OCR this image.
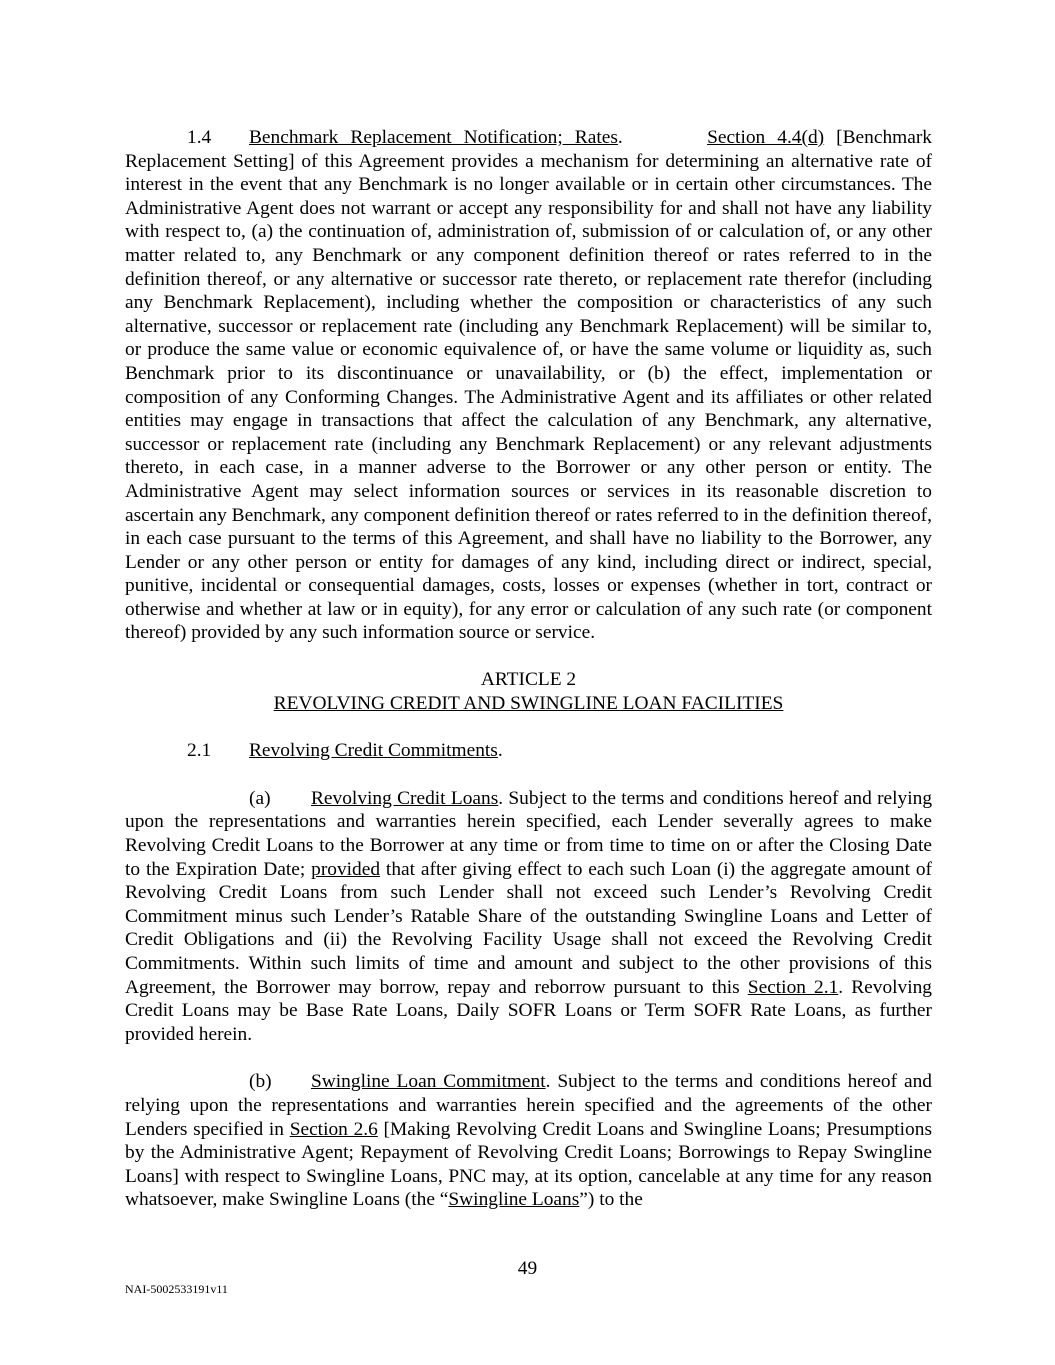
1.4 Benchmark Replacement Notification; Rates.	Section 4.4(d) [Benchmark Replacement Setting] of this Agreement provides a mechanism for determining an alternative rate of interest in the event that any Benchmark is no longer available or in certain other circumstances. The Administrative Agent does not warrant or accept any responsibility for and shall not have any liability with respect to, (a) the continuation of, administration of, submission of or calculation of, or any other matter related to, any Benchmark or any component definition thereof or rates referred to in the definition thereof, or any alternative or successor rate thereto, or replacement rate therefor (including any Benchmark Replacement), including whether the composition or characteristics of any such alternative, successor or replacement rate (including any Benchmark Replacement) will be similar to, or produce the same value or economic equivalence of, or have the same volume or liquidity as, such Benchmark prior to its discontinuance or unavailability, or (b) the effect, implementation or composition of any Conforming Changes. The Administrative Agent and its affiliates or other related entities may engage in transactions that affect the calculation of any Benchmark, any alternative, successor or replacement rate (including any Benchmark Replacement) or any relevant adjustments thereto, in each case, in a manner adverse to the Borrower or any other person or entity. The Administrative Agent may select information sources or services in its reasonable discretion to ascertain any Benchmark, any component definition thereof or rates referred to in the definition thereof, in each case pursuant to the terms of this Agreement, and shall have no liability to the Borrower, any Lender or any other person or entity for damages of any kind, including direct or indirect, special, punitive, incidental or consequential damages, costs, losses or expenses (whether in tort, contract or otherwise and whether at law or in equity), for any error or calculation of any such rate (or component thereof) provided by any such information source or service.

ARTICLE 2
REVOLVING CREDIT AND SWINGLINE LOAN FACILITIES

2.1 Revolving Credit Commitments.

(a) Revolving Credit Loans. Subject to the terms and conditions hereof and relying upon the representations and warranties herein specified, each Lender severally agrees to make Revolving Credit Loans to the Borrower at any time or from time to time on or after the Closing Date to the Expiration Date; provided that after giving effect to each such Loan (i) the aggregate amount of Revolving Credit Loans from such Lender shall not exceed such Lender’s Revolving Credit Commitment minus such Lender’s Ratable Share of the outstanding Swingline Loans and Letter of Credit Obligations and (ii) the Revolving Facility Usage shall not exceed the Revolving Credit Commitments. Within such limits of time and amount and subject to the other provisions of this Agreement, the Borrower may borrow, repay and reborrow pursuant to this Section 2.1. Revolving Credit Loans may be Base Rate Loans, Daily SOFR Loans or Term SOFR Rate Loans, as further provided herein.

(b) Swingline Loan Commitment. Subject to the terms and conditions hereof and relying upon the representations and warranties herein specified and the agreements of the other Lenders specified in Section 2.6 [Making Revolving Credit Loans and Swingline Loans; Presumptions by the Administrative Agent; Repayment of Revolving Credit Loans; Borrowings to Repay Swingline Loans] with respect to Swingline Loans, PNC may, at its option, cancelable at any time for any reason whatsoever, make Swingline Loans (the “Swingline Loans”) to the

49
NAI-5002533191v11
